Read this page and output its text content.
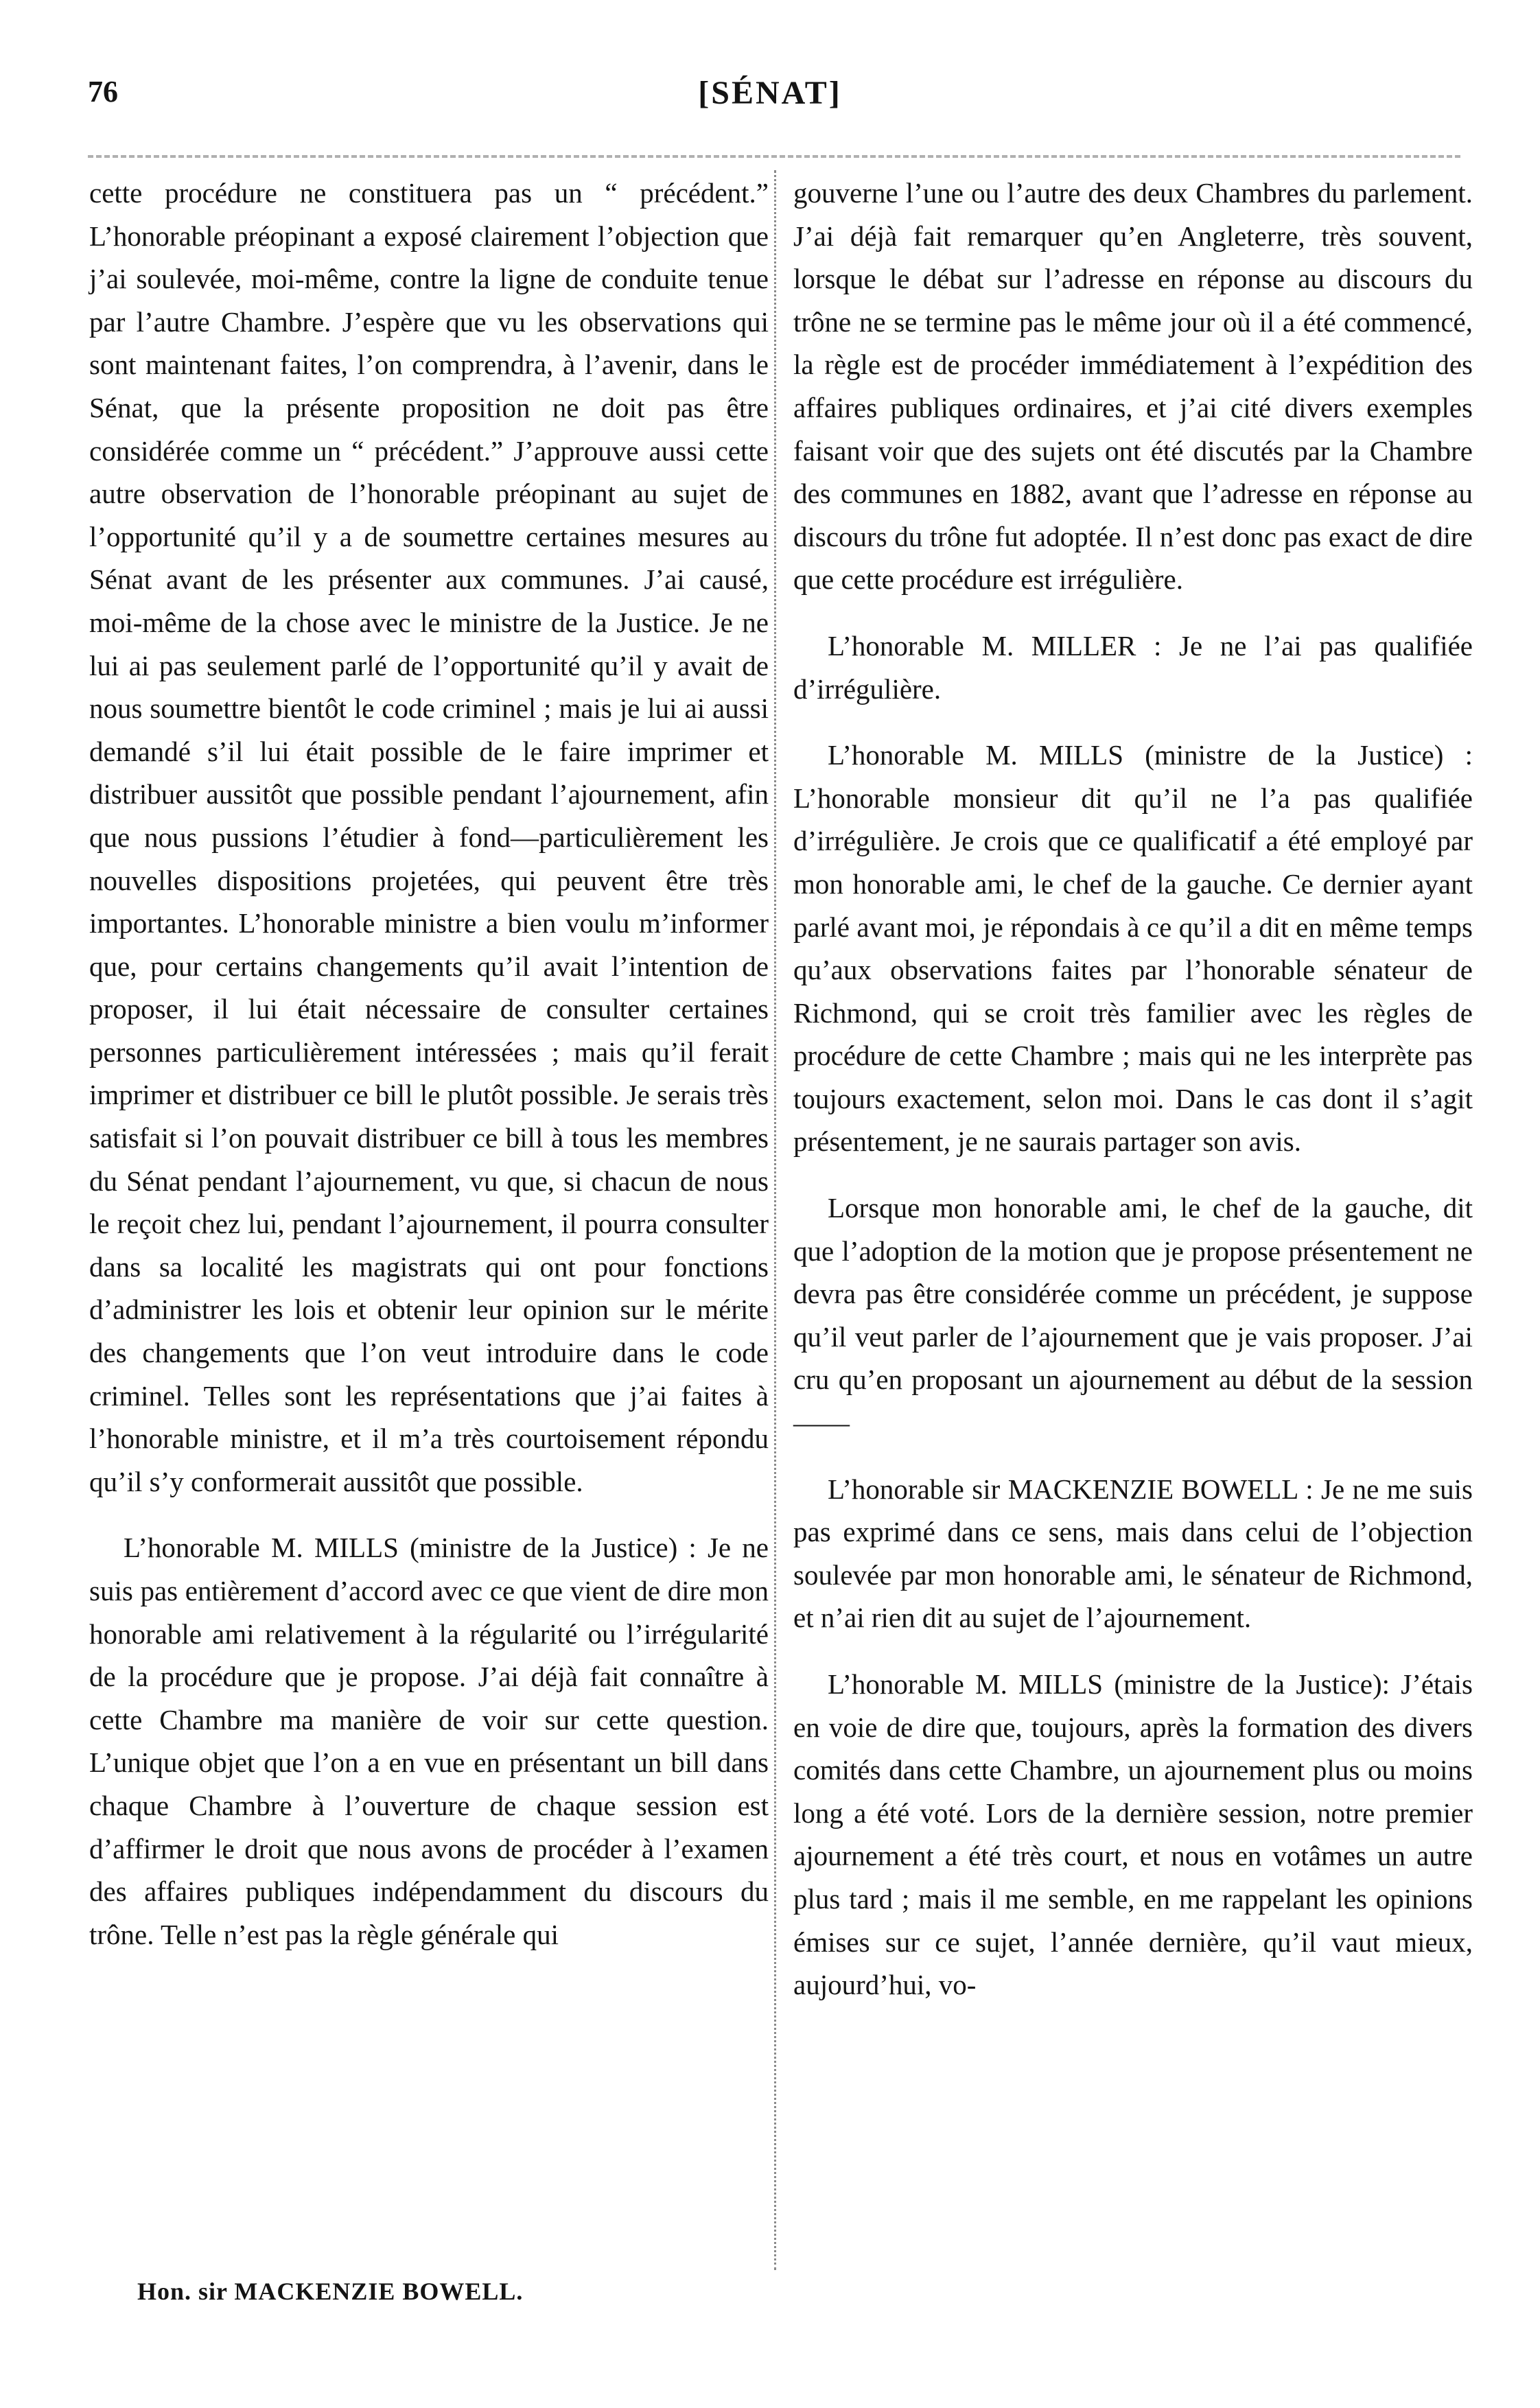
76	[SÉNAT]

cette procédure ne constituera pas un “ précédent.” L’honorable préopinant a exposé clairement l’objection que j’ai soulevée, moi-même, contre la ligne de conduite tenue par l’autre Chambre. J’espère que vu les observations qui sont maintenant faites, l’on comprendra, à l’avenir, dans le Sénat, que la présente proposition ne doit pas être considérée comme un “ précédent.” J’approuve aussi cette autre observation de l’honorable préopinant au sujet de l’opportunité qu’il y a de soumettre certaines mesures au Sénat avant de les présenter aux communes. J’ai causé, moi-même de la chose avec le ministre de la Justice. Je ne lui ai pas seulement parlé de l’opportunité qu’il y avait de nous soumettre bientôt le code criminel ; mais je lui ai aussi demandé s’il lui était possible de le faire imprimer et distribuer aussitôt que possible pendant l’ajournement, afin que nous pussions l’étudier à fond—particulièrement les nouvelles dispositions projetées, qui peuvent être très importantes. L’honorable ministre a bien voulu m’informer que, pour certains changements qu’il avait l’intention de proposer, il lui était nécessaire de consulter certaines personnes particulièrement intéressées ; mais qu’il ferait imprimer et distribuer ce bill le plutôt possible. Je serais très satisfait si l’on pouvait distribuer ce bill à tous les membres du Sénat pendant l’ajournement, vu que, si chacun de nous le reçoit chez lui, pendant l’ajournement, il pourra consulter dans sa localité les magistrats qui ont pour fonctions d’administrer les lois et obtenir leur opinion sur le mérite des changements que l’on veut introduire dans le code criminel. Telles sont les représentations que j’ai faites à l’honorable ministre, et il m’a très courtoisement répondu qu’il s’y conformerait aussitôt que possible.

L’honorable M. MILLS (ministre de la Justice) : Je ne suis pas entièrement d’accord avec ce que vient de dire mon honorable ami relativement à la régularité ou l’irrégularité de la procédure que je propose. J’ai déjà fait connaître à cette Chambre ma manière de voir sur cette question. L’unique objet que l’on a en vue en présentant un bill dans chaque Chambre à l’ouverture de chaque session est d’affirmer le droit que nous avons de procéder à l’examen des affaires publiques indépendamment du discours du trône. Telle n’est pas la règle générale qui

gouverne l’une ou l’autre des deux Chambres du parlement. J’ai déjà fait remarquer qu’en Angleterre, très souvent, lorsque le débat sur l’adresse en réponse au discours du trône ne se termine pas le même jour où il a été commencé, la règle est de procéder immédiatement à l’expédition des affaires publiques ordinaires, et j’ai cité divers exemples faisant voir que des sujets ont été discutés par la Chambre des communes en 1882, avant que l’adresse en réponse au discours du trône fut adoptée. Il n’est donc pas exact de dire que cette procédure est irrégulière.

L’honorable M. MILLER : Je ne l’ai pas qualifiée d’irrégulière.

L’honorable M. MILLS (ministre de la Justice) : L’honorable monsieur dit qu’il ne l’a pas qualifiée d’irrégulière. Je crois que ce qualificatif a été employé par mon honorable ami, le chef de la gauche. Ce dernier ayant parlé avant moi, je répondais à ce qu’il a dit en même temps qu’aux observations faites par l’honorable sénateur de Richmond, qui se croit très familier avec les règles de procédure de cette Chambre ; mais qui ne les interprète pas toujours exactement, selon moi. Dans le cas dont il s’agit présentement, je ne saurais partager son avis.

Lorsque mon honorable ami, le chef de la gauche, dit que l’adoption de la motion que je propose présentement ne devra pas être considérée comme un précédent, je suppose qu’il veut parler de l’ajournement que je vais proposer. J’ai cru qu’en proposant un ajournement au début de la session——

L’honorable sir MACKENZIE BOWELL : Je ne me suis pas exprimé dans ce sens, mais dans celui de l’objection soulevée par mon honorable ami, le sénateur de Richmond, et n’ai rien dit au sujet de l’ajournement.

L’honorable M. MILLS (ministre de la Justice): J’étais en voie de dire que, toujours, après la formation des divers comités dans cette Chambre, un ajournement plus ou moins long a été voté. Lors de la dernière session, notre premier ajournement a été très court, et nous en votâmes un autre plus tard ; mais il me semble, en me rappelant les opinions émises sur ce sujet, l’année dernière, qu’il vaut mieux, aujourd’hui, vo-

Hon. sir MACKENZIE BOWELL.
